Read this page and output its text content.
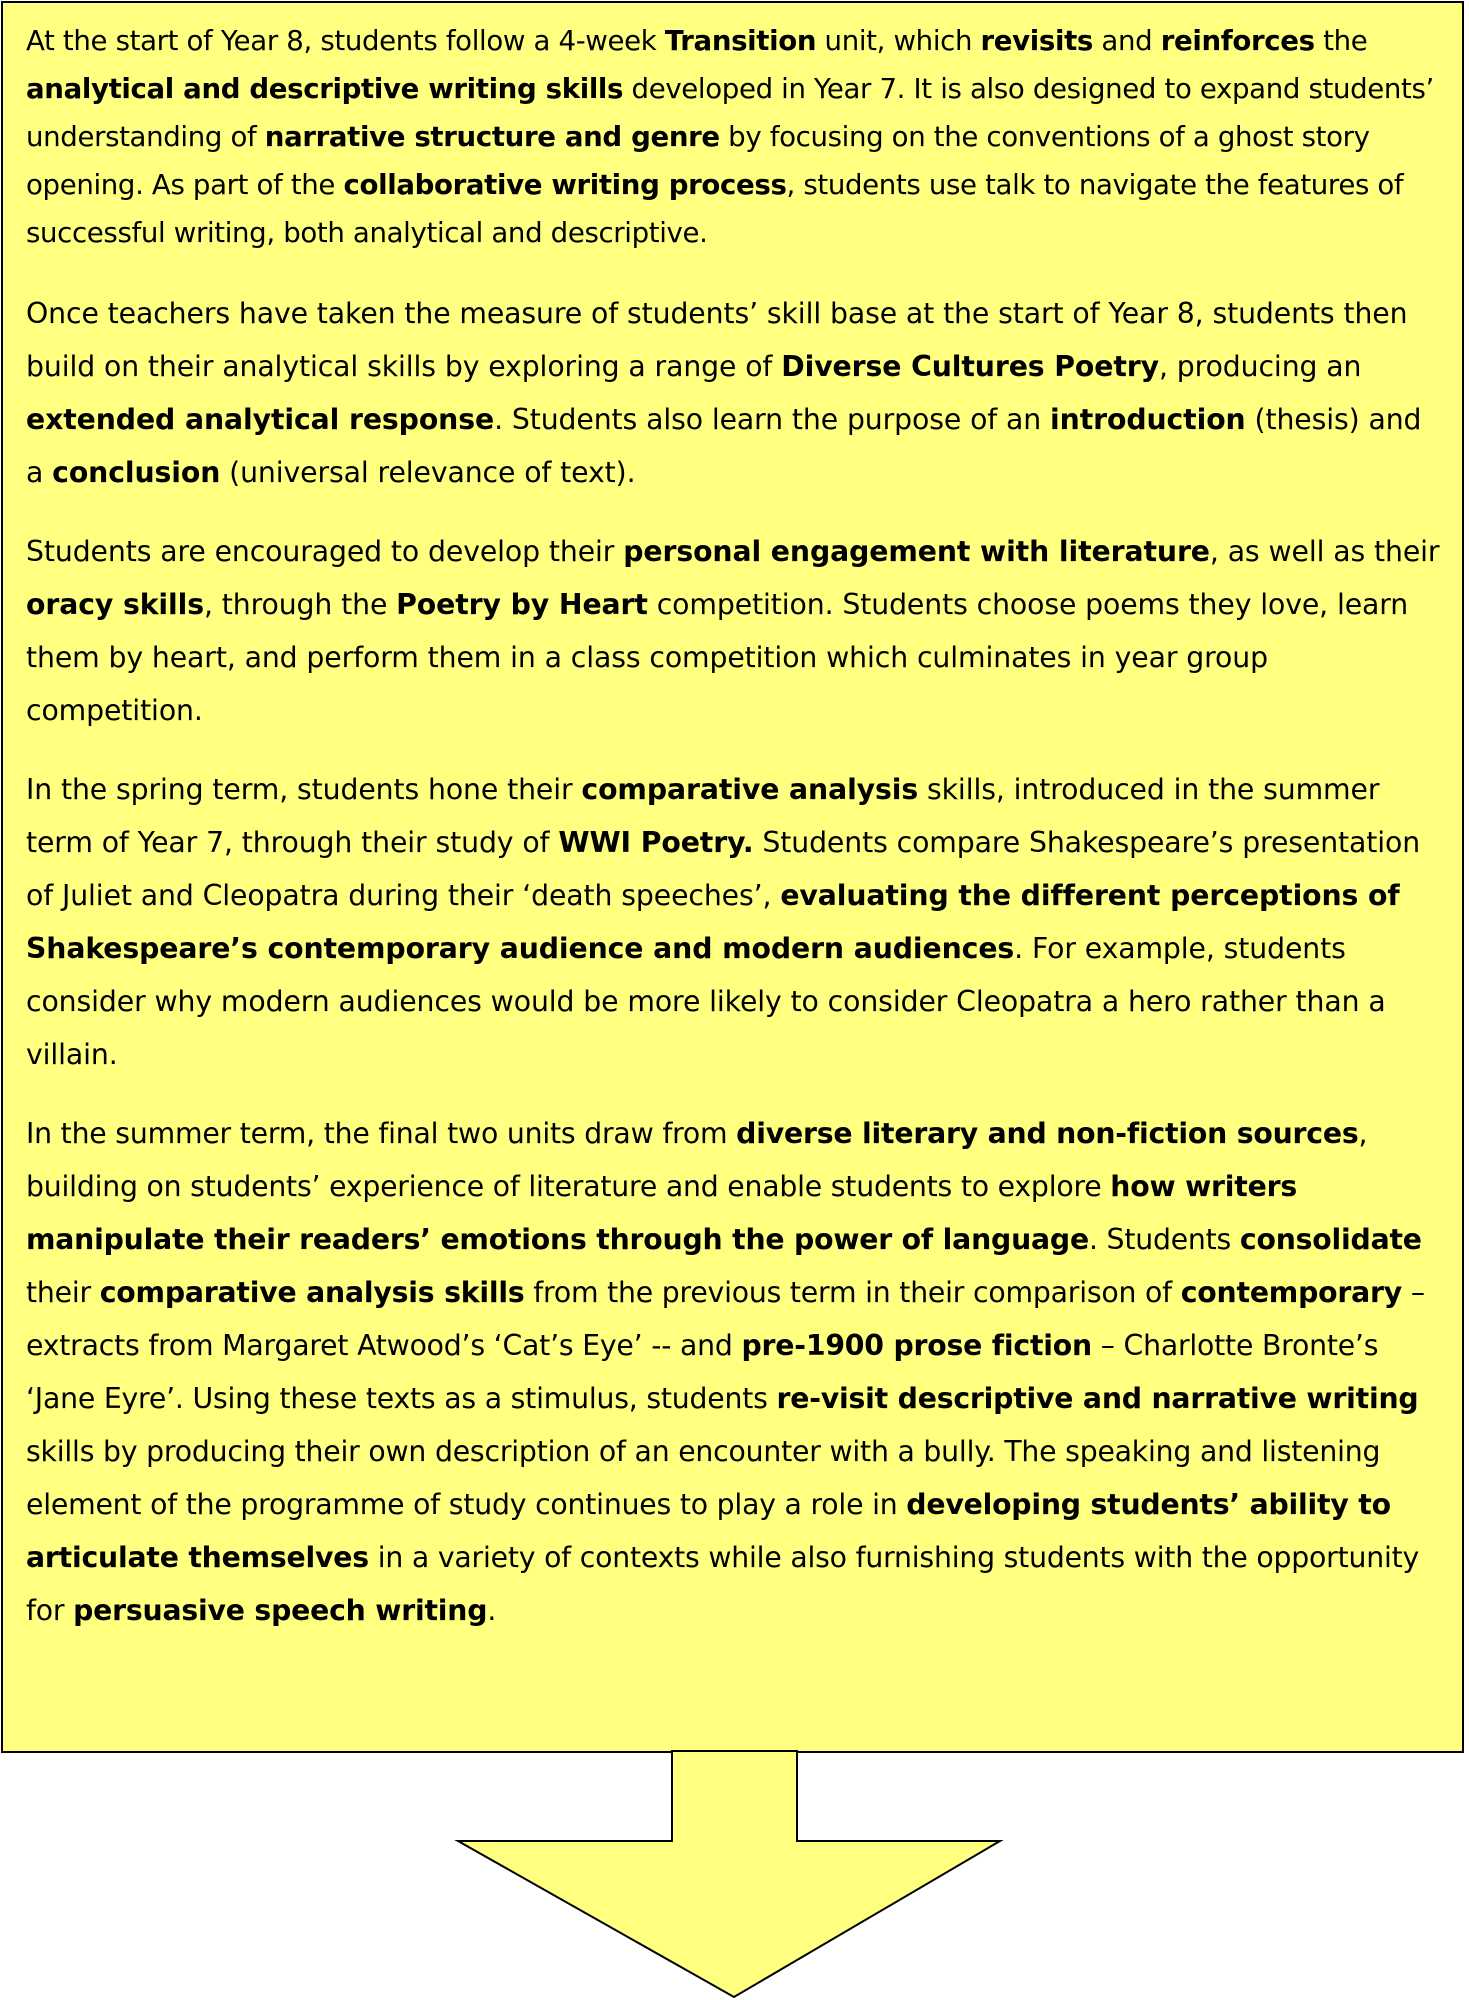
At the start of Year 8, students follow a 4-week Transition unit, which revisits and reinforces the analytical and descriptive writing skills developed in Year 7. It is also designed to expand students’ understanding of narrative structure and genre by focusing on the conventions of a ghost story opening. As part of the collaborative writing process, students use talk to navigate the features of successful writing, both analytical and descriptive.

Once teachers have taken the measure of students’ skill base at the start of Year 8, students then build on their analytical skills by exploring a range of Diverse Cultures Poetry, producing an extended analytical response. Students also learn the purpose of an introduction (thesis) and a conclusion (universal relevance of text).

Students are encouraged to develop their personal engagement with literature, as well as their oracy skills, through the Poetry by Heart competition. Students choose poems they love, learn them by heart, and perform them in a class competition which culminates in year group competition.

In the spring term, students hone their comparative analysis skills, introduced in the summer term of Year 7, through their study of WWI Poetry. Students compare Shakespeare’s presentation of Juliet and Cleopatra during their ‘death speeches’, evaluating the different perceptions of Shakespeare’s contemporary audience and modern audiences. For example, students consider why modern audiences would be more likely to consider Cleopatra a hero rather than a villain.

In the summer term, the final two units draw from diverse literary and non-fiction sources, building on students’ experience of literature and enable students to explore how writers manipulate their readers’ emotions through the power of language. Students consolidate their comparative analysis skills from the previous term in their comparison of contemporary – extracts from Margaret Atwood’s ‘Cat’s Eye’ -- and pre-1900 prose fiction – Charlotte Bronte’s ‘Jane Eyre’. Using these texts as a stimulus, students re-visit descriptive and narrative writing skills by producing their own description of an encounter with a bully. The speaking and listening element of the programme of study continues to play a role in developing students’ ability to articulate themselves in a variety of contexts while also furnishing students with the opportunity for persuasive speech writing.
